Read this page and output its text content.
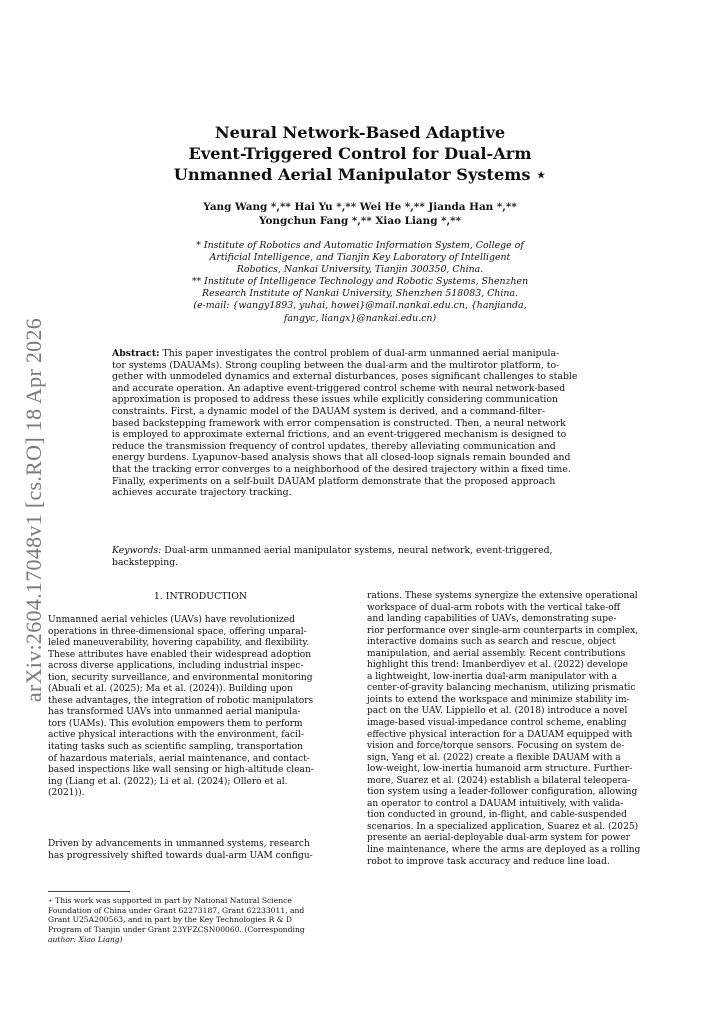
arXiv:2604.17048v1 [cs.RO] 18 Apr 2026
Neural Network-Based Adaptive
Event-Triggered Control for Dual-Arm
Unmanned Aerial Manipulator Systems ⋆
Yang Wang *,** Hai Yu *,** Wei He *,** Jianda Han *,**
Yongchun Fang *,** Xiao Liang *,**
* Institute of Robotics and Automatic Information System, College of
Artificial Intelligence, and Tianjin Key Laboratory of Intelligent
Robotics, Nankai University, Tianjin 300350, China.
** Institute of Intelligence Technology and Robotic Systems, Shenzhen
Research Institute of Nankai University, Shenzhen 518083, China.
(e-mail: {wangy1893, yuhai, howei}@mail.nankai.edu.cn, {hanjianda,
fangyc, liangx}@nankai.edu.cn)
Abstract: This paper investigates the control problem of dual-arm unmanned aerial manipula-
tor systems (DAUAMs). Strong coupling between the dual-arm and the multirotor platform, to-
gether with unmodeled dynamics and external disturbances, poses significant challenges to stable
and accurate operation. An adaptive event-triggered control scheme with neural network-based
approximation is proposed to address these issues while explicitly considering communication
constraints. First, a dynamic model of the DAUAM system is derived, and a command-filter-
based backstepping framework with error compensation is constructed. Then, a neural network
is employed to approximate external frictions, and an event-triggered mechanism is designed to
reduce the transmission frequency of control updates, thereby alleviating communication and
energy burdens. Lyapunov-based analysis shows that all closed-loop signals remain bounded and
that the tracking error converges to a neighborhood of the desired trajectory within a fixed time.
Finally, experiments on a self-built DAUAM platform demonstrate that the proposed approach
achieves accurate trajectory tracking.
Keywords: Dual-arm unmanned aerial manipulator systems, neural network, event-triggered,
backstepping.
1. INTRODUCTION
Unmanned aerial vehicles (UAVs) have revolutionized
operations in three-dimensional space, offering unparal-
leled maneuverability, hovering capability, and flexibility.
These attributes have enabled their widespread adoption
across diverse applications, including industrial inspec-
tion, security surveillance, and environmental monitoring
(Abuali et al. (2025); Ma et al. (2024)). Building upon
these advantages, the integration of robotic manipulators
has transformed UAVs into unmanned aerial manipula-
tors (UAMs). This evolution empowers them to perform
active physical interactions with the environment, facil-
itating tasks such as scientific sampling, transportation
of hazardous materials, aerial maintenance, and contact-
based inspections like wall sensing or high-altitude clean-
ing (Liang et al. (2022); Li et al. (2024); Ollero et al.
(2021)).
Driven by advancements in unmanned systems, research
has progressively shifted towards dual-arm UAM configu-
⋆ This work was supported in part by National Natural Science
Foundation of China under Grant 62273187, Grant 62233011, and
Grant U25A200563, and in part by the Key Technologies R & D
Program of Tianjin under Grant 23YFZCSN00060. (Corresponding
author: Xiao Liang)
rations. These systems synergize the extensive operational
workspace of dual-arm robots with the vertical take-off
and landing capabilities of UAVs, demonstrating supe-
rior performance over single-arm counterparts in complex,
interactive domains such as search and rescue, object
manipulation, and aerial assembly. Recent contributions
highlight this trend: Imanberdiyev et al. (2022) develope
a lightweight, low-inertia dual-arm manipulator with a
center-of-gravity balancing mechanism, utilizing prismatic
joints to extend the workspace and minimize stability im-
pact on the UAV. Lippiello et al. (2018) introduce a novel
image-based visual-impedance control scheme, enabling
effective physical interaction for a DAUAM equipped with
vision and force/torque sensors. Focusing on system de-
sign, Yang et al. (2022) create a flexible DAUAM with a
low-weight, low-inertia humanoid arm structure. Further-
more, Suarez et al. (2024) establish a bilateral teleopera-
tion system using a leader-follower configuration, allowing
an operator to control a DAUAM intuitively, with valida-
tion conducted in ground, in-flight, and cable-suspended
scenarios. In a specialized application, Suarez et al. (2025)
presente an aerial-deployable dual-arm system for power
line maintenance, where the arms are deployed as a rolling
robot to improve task accuracy and reduce line load.
